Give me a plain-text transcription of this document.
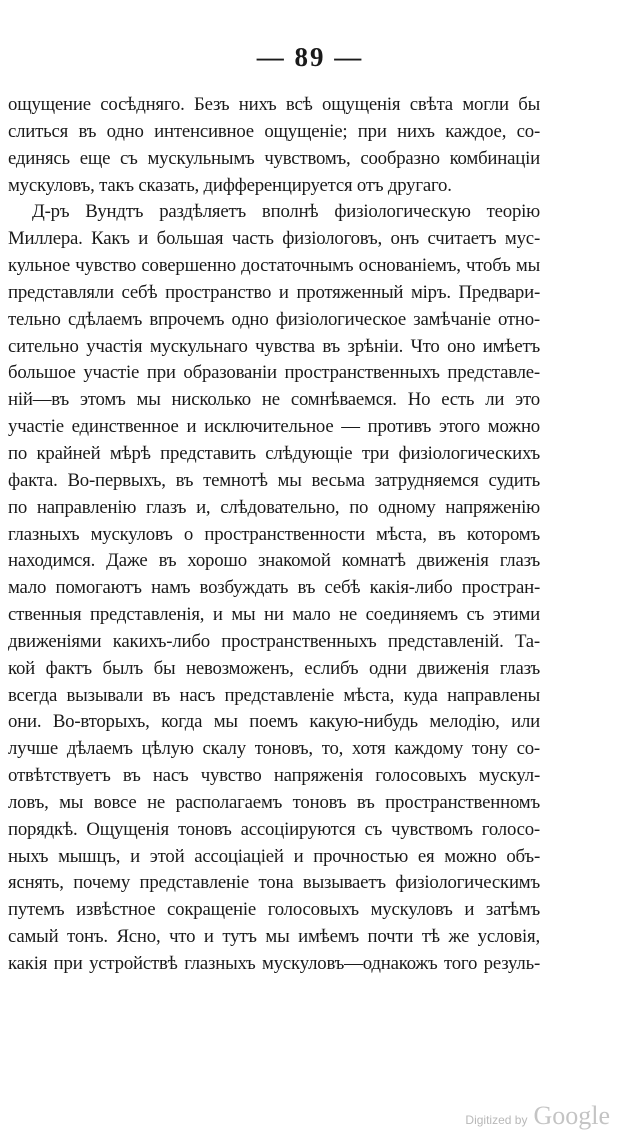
— 89 —
ощущение сосѣдняго. Безъ нихъ всѣ ощущенія свѣта могли бы
слиться въ одно интенсивное ощущеніе; при нихъ каждое, со-
единясь еще съ мускульнымъ чувствомъ, сообразно комбинаціи
мускуловъ, такъ сказать, дифференцируется отъ другаго.
Д-ръ Вундтъ раздѣляетъ вполнѣ физіологическую теорію
Миллера. Какъ и большая часть физіологовъ, онъ считаетъ мус-
кульное чувство совершенно достаточнымъ основаніемъ, чтобъ мы
представляли себѣ пространство и протяженный міръ. Предвари-
тельно сдѣлаемъ впрочемъ одно физіологическое замѣчаніе отно-
сительно участія мускульнаго чувства въ зрѣніи. Что оно имѣетъ
большое участіе при образованіи пространственныхъ представле-
ній—въ этомъ мы нисколько не сомнѣваемся. Но есть ли это
участіе единственное и исключительное — противъ этого можно
по крайней мѣрѣ представить слѣдующіе три физіологическихъ
факта. Во-первыхъ, въ темнотѣ мы весьма затрудняемся судить
по направленію глазъ и, слѣдовательно, по одному напряженію
глазныхъ мускуловъ о пространственности мѣста, въ которомъ
находимся. Даже въ хорошо знакомой комнатѣ движенія глазъ
мало помогаютъ намъ возбуждать въ себѣ какія-либо простран-
ственныя представленія, и мы ни мало не соединяемъ съ этими
движеніями какихъ-либо пространственныхъ представленій. Та-
кой фактъ былъ бы невозможенъ, еслибъ одни движенія глазъ
всегда вызывали въ насъ представленіе мѣста, куда направлены
они. Во-вторыхъ, когда мы поемъ какую-нибудь мелодію, или
лучше дѣлаемъ цѣлую скалу тоновъ, то, хотя каждому тону со-
отвѣтствуетъ въ насъ чувство напряженія голосовыхъ мускул-
ловъ, мы вовсе не располагаемъ тоновъ въ пространственномъ
порядкѣ. Ощущенія тоновъ ассоціируются съ чувствомъ голосо-
ныхъ мышцъ, и этой ассоціаціей и прочностью ея можно объ-
яснять, почему представленіе тона вызываетъ физіологическимъ
путемъ извѣстное сокращеніе голосовыхъ мускуловъ и затѣмъ
самый тонъ. Ясно, что и тутъ мы имѣемъ почти тѣ же условія,
какія при устройствѣ глазныхъ мускуловъ—однакожъ того резуль-
Digitized by Google
